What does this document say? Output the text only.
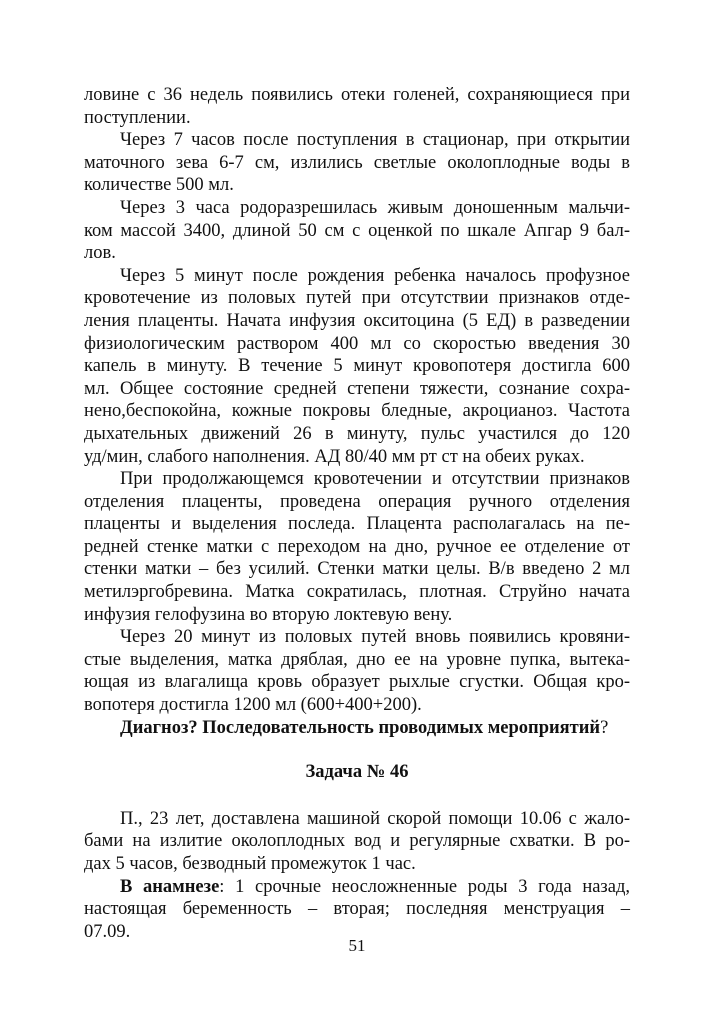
ловине с 36 недель появились отеки голеней, сохраняющиеся при
поступлении.
Через 7 часов после поступления в стационар, при открытии
маточного зева 6-7 см, излились светлые околоплодные воды в
количестве 500 мл.
Через 3 часа родоразрешилась живым доношенным мальчи-
ком массой 3400, длиной 50 см с оценкой по шкале Апгар 9 бал-
лов.
Через 5 минут после рождения ребенка началось профузное
кровотечение из половых путей при отсутствии признаков отде-
ления плаценты. Начата инфузия окситоцина (5 ЕД) в разведении
физиологическим раствором 400 мл со скоростью введения 30
капель в минуту. В течение 5 минут кровопотеря достигла 600
мл. Общее состояние средней степени тяжести, сознание сохра-
нено,беспокойна, кожные покровы бледные, акроцианоз. Частота
дыхательных движений 26 в минуту, пульс участился до 120
уд/мин, слабого наполнения. АД 80/40 мм рт ст на обеих руках.
При продолжающемся кровотечении и отсутствии признаков
отделения плаценты, проведена операция ручного отделения
плаценты и выделения последа. Плацента располагалась на пе-
редней стенке матки с переходом на дно, ручное ее отделение от
стенки матки – без усилий. Стенки матки целы. В/в введено 2 мл
метилэргобревина. Матка сократилась, плотная. Струйно начата
инфузия гелофузина во вторую локтевую вену.
Через 20 минут из половых путей вновь появились кровяни-
стые выделения, матка дряблая, дно ее на уровне пупка, вытека-
ющая из влагалища кровь образует рыхлые сгустки. Общая кро-
вопотеря достигла 1200 мл (600+400+200).
Диагноз? Последовательность проводимых мероприятий?
Задача № 46
П., 23 лет, доставлена машиной скорой помощи 10.06 с жало-
бами на излитие околоплодных вод и регулярные схватки. В ро-
дах 5 часов, безводный промежуток 1 час.
В анамнезе: 1 срочные неосложненные роды 3 года назад,
настоящая беременность – вторая; последняя менструация –
07.09.
51
